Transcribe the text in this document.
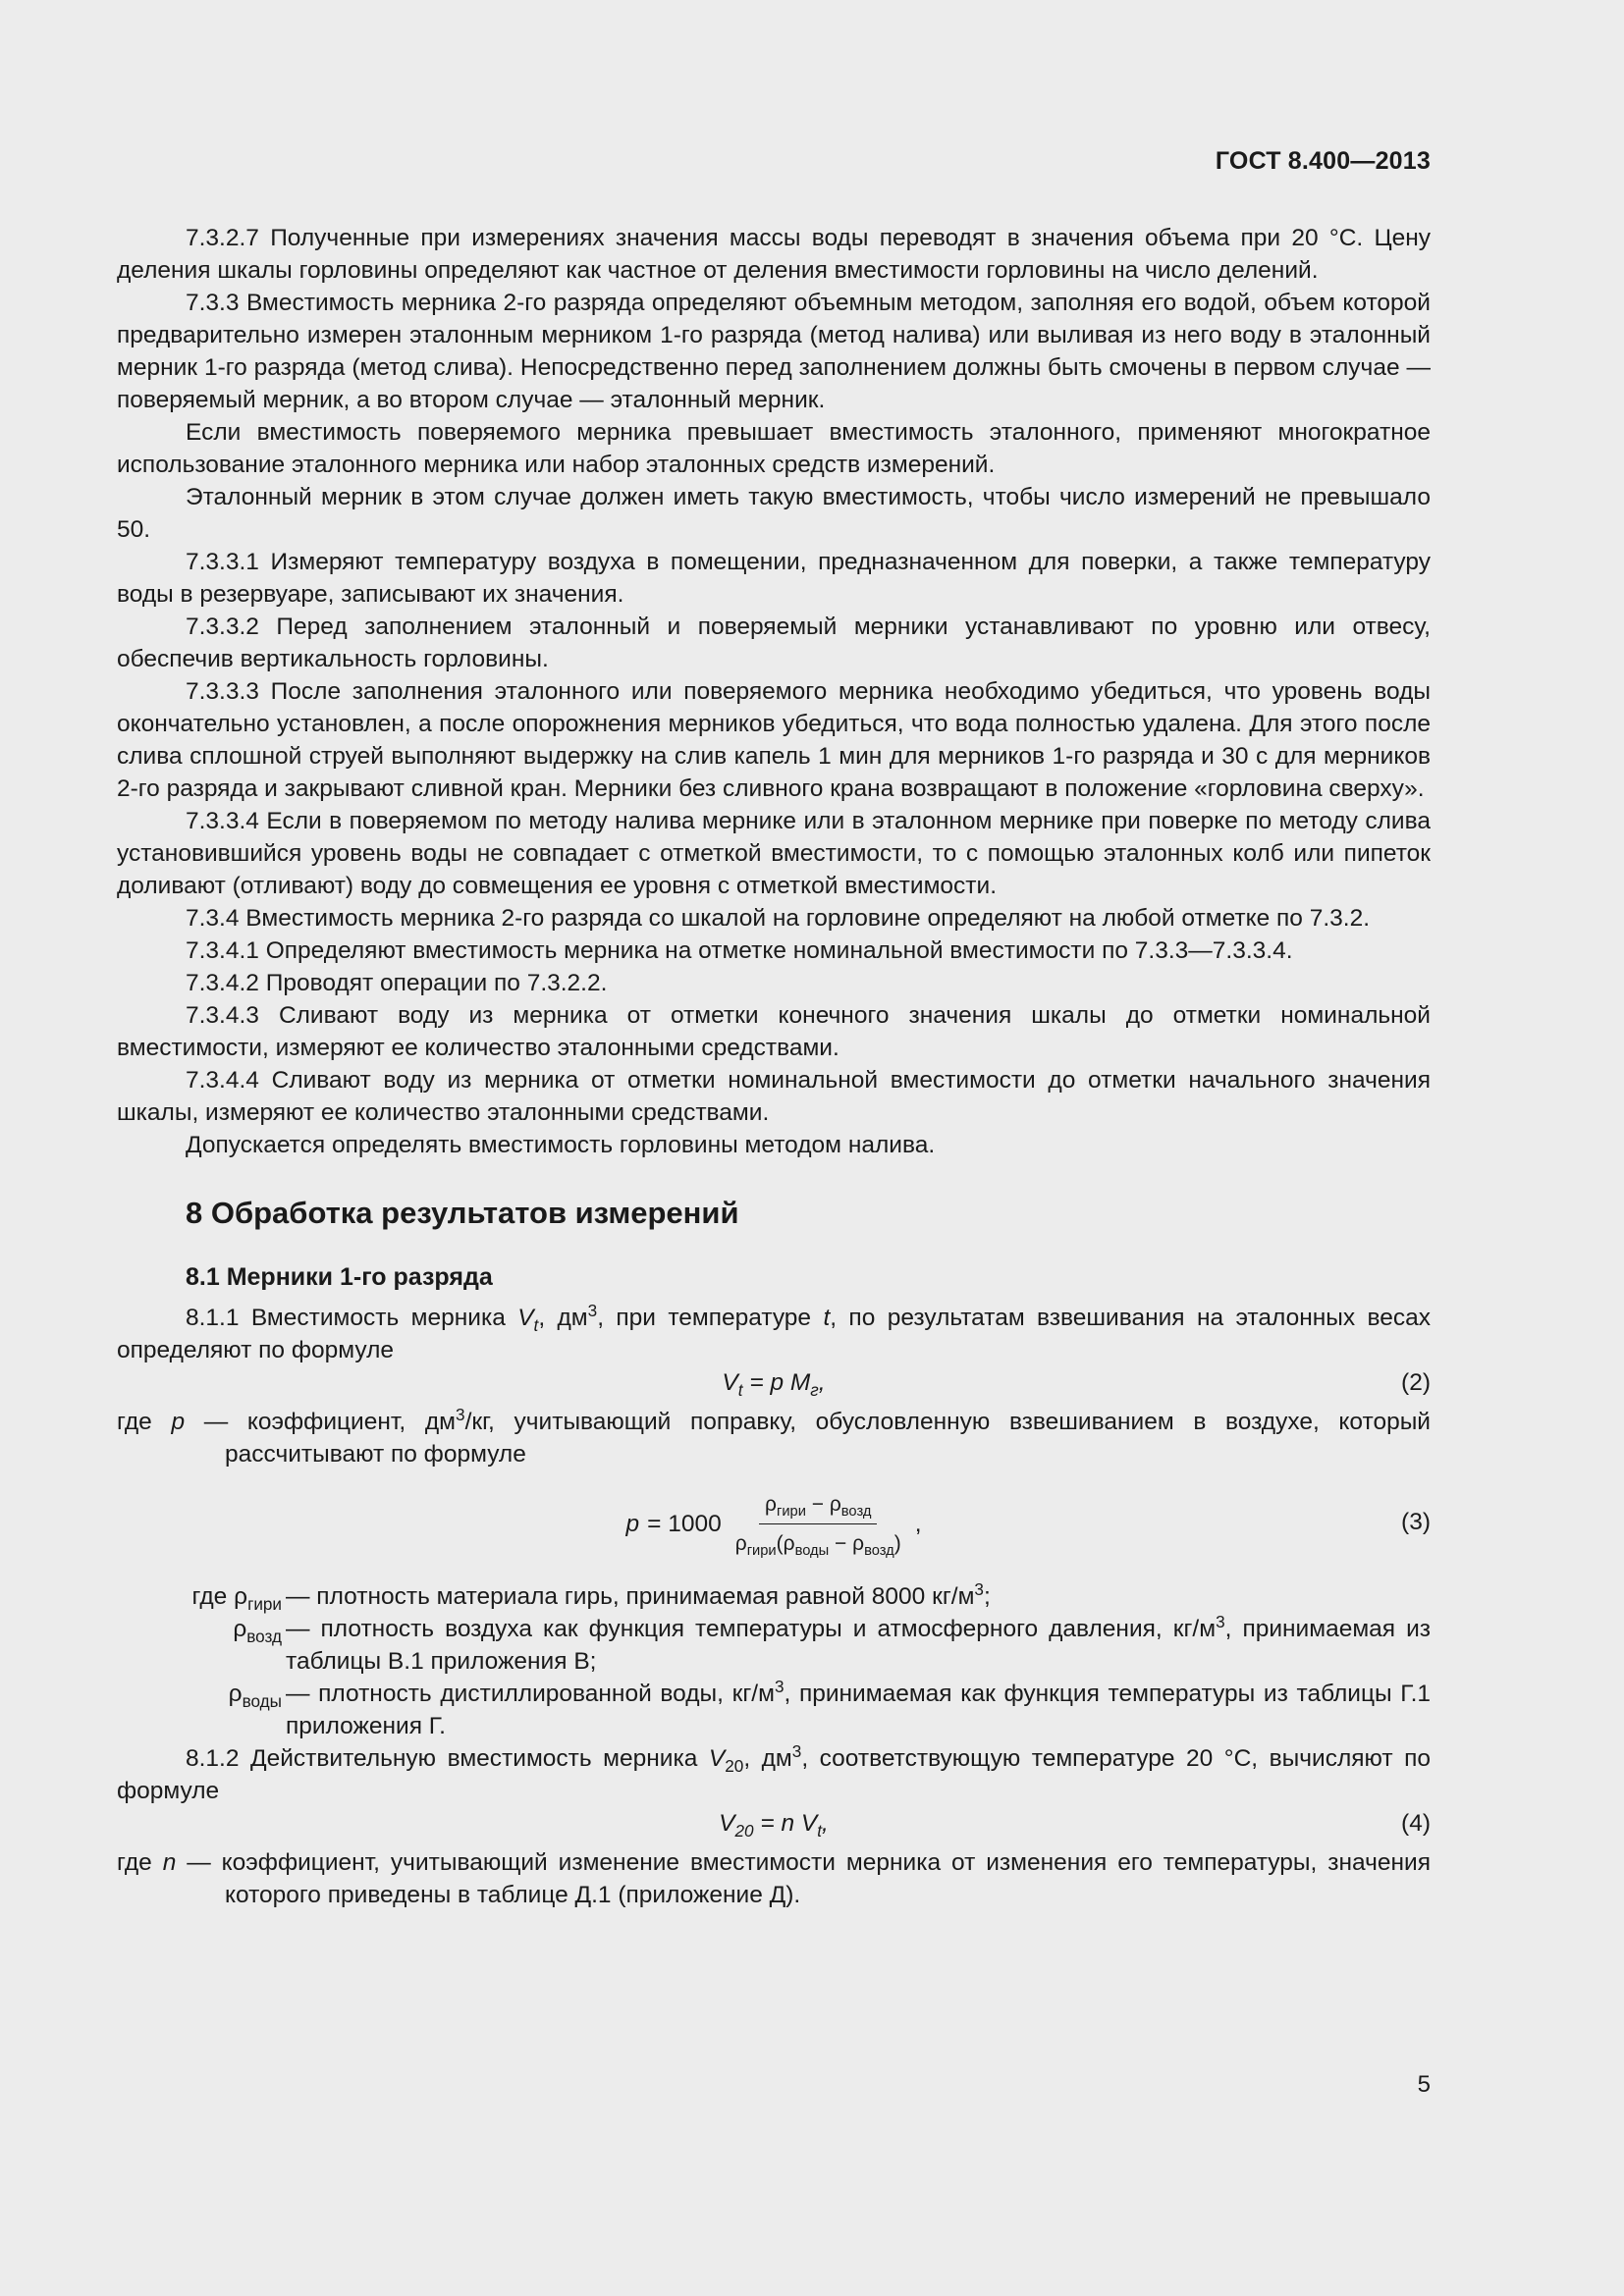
ГОСТ 8.400—2013

7.3.2.7 Полученные при измерениях значения массы воды переводят в значения объема при 20 °C. Цену деления шкалы горловины определяют как частное от деления вместимости горловины на число делений.

7.3.3 Вместимость мерника 2-го разряда определяют объемным методом, заполняя его водой, объем которой предварительно измерен эталонным мерником 1-го разряда (метод налива) или выливая из него воду в эталонный мерник 1-го разряда (метод слива). Непосредственно перед заполнением должны быть смочены в первом случае — поверяемый мерник, а во втором случае — эталонный мерник.

Если вместимость поверяемого мерника превышает вместимость эталонного, применяют многократное использование эталонного мерника или набор эталонных средств измерений.

Эталонный мерник в этом случае должен иметь такую вместимость, чтобы число измерений не превышало 50.

7.3.3.1 Измеряют температуру воздуха в помещении, предназначенном для поверки, а также температуру воды в резервуаре, записывают их значения.

7.3.3.2 Перед заполнением эталонный и поверяемый мерники устанавливают по уровню или отвесу, обеспечив вертикальность горловины.

7.3.3.3 После заполнения эталонного или поверяемого мерника необходимо убедиться, что уровень воды окончательно установлен, а после опорожнения мерников убедиться, что вода полностью удалена. Для этого после слива сплошной струей выполняют выдержку на слив капель 1 мин для мерников 1-го разряда и 30 с для мерников 2-го разряда и закрывают сливной кран. Мерники без сливного крана возвращают в положение «горловина сверху».

7.3.3.4 Если в поверяемом по методу налива мернике или в эталонном мернике при поверке по методу слива установившийся уровень воды не совпадает с отметкой вместимости, то с помощью эталонных колб или пипеток доливают (отливают) воду до совмещения ее уровня с отметкой вместимости.

7.3.4 Вместимость мерника 2-го разряда со шкалой на горловине определяют на любой отметке по 7.3.2.

7.3.4.1 Определяют вместимость мерника на отметке номинальной вместимости по 7.3.3—7.3.3.4.

7.3.4.2 Проводят операции по 7.3.2.2.

7.3.4.3 Сливают воду из мерника от отметки конечного значения шкалы до отметки номинальной вместимости, измеряют ее количество эталонными средствами.

7.3.4.4 Сливают воду из мерника от отметки номинальной вместимости до отметки начального значения шкалы, измеряют ее количество эталонными средствами.

Допускается определять вместимость горловины методом налива.

8 Обработка результатов измерений
8.1 Мерники 1-го разряда

8.1.1 Вместимость мерника $V_t$, $дм^3$, при температуре t, по результатам взвешивания на эталонных весах определяют по формуле

$V_t = p$ $M_г$,	(2)

где p — коэффициент, $дм^3/кг$, учитывающий поправку, обусловленную взвешиванием в воздухе, который рассчитывают по формуле

$p = 1000 \frac{\rho_{гири} - \rho_{возд}}{\rho_{гири}(\rho_{воды} - \rho_{возд})}$ ,	(3)
где $\rho_{гири}$ — плотность материала гирь, принимаемая равной 8000 $кг/м^3$;
$\rho_{возд}$ — плотность воздуха как функция температуры и атмосферного давления, $кг/м^3$, принимаемая из таблицы В.1 приложения В;
$\rho_{воды}$ — плотность дистиллированной воды, $кг/м^3$, принимаемая как функция температуры из таблицы Г.1 приложения Г.

8.1.2 Действительную вместимость мерника $V_{20}$, $дм^3$, соответствующую температуре 20 °C, вычисляют по формуле

$V_{20} = n$ $V_t$,	(4)

где n — коэффициент, учитывающий изменение вместимости мерника от изменения его температуры, значения которого приведены в таблице Д.1 (приложение Д).

5
